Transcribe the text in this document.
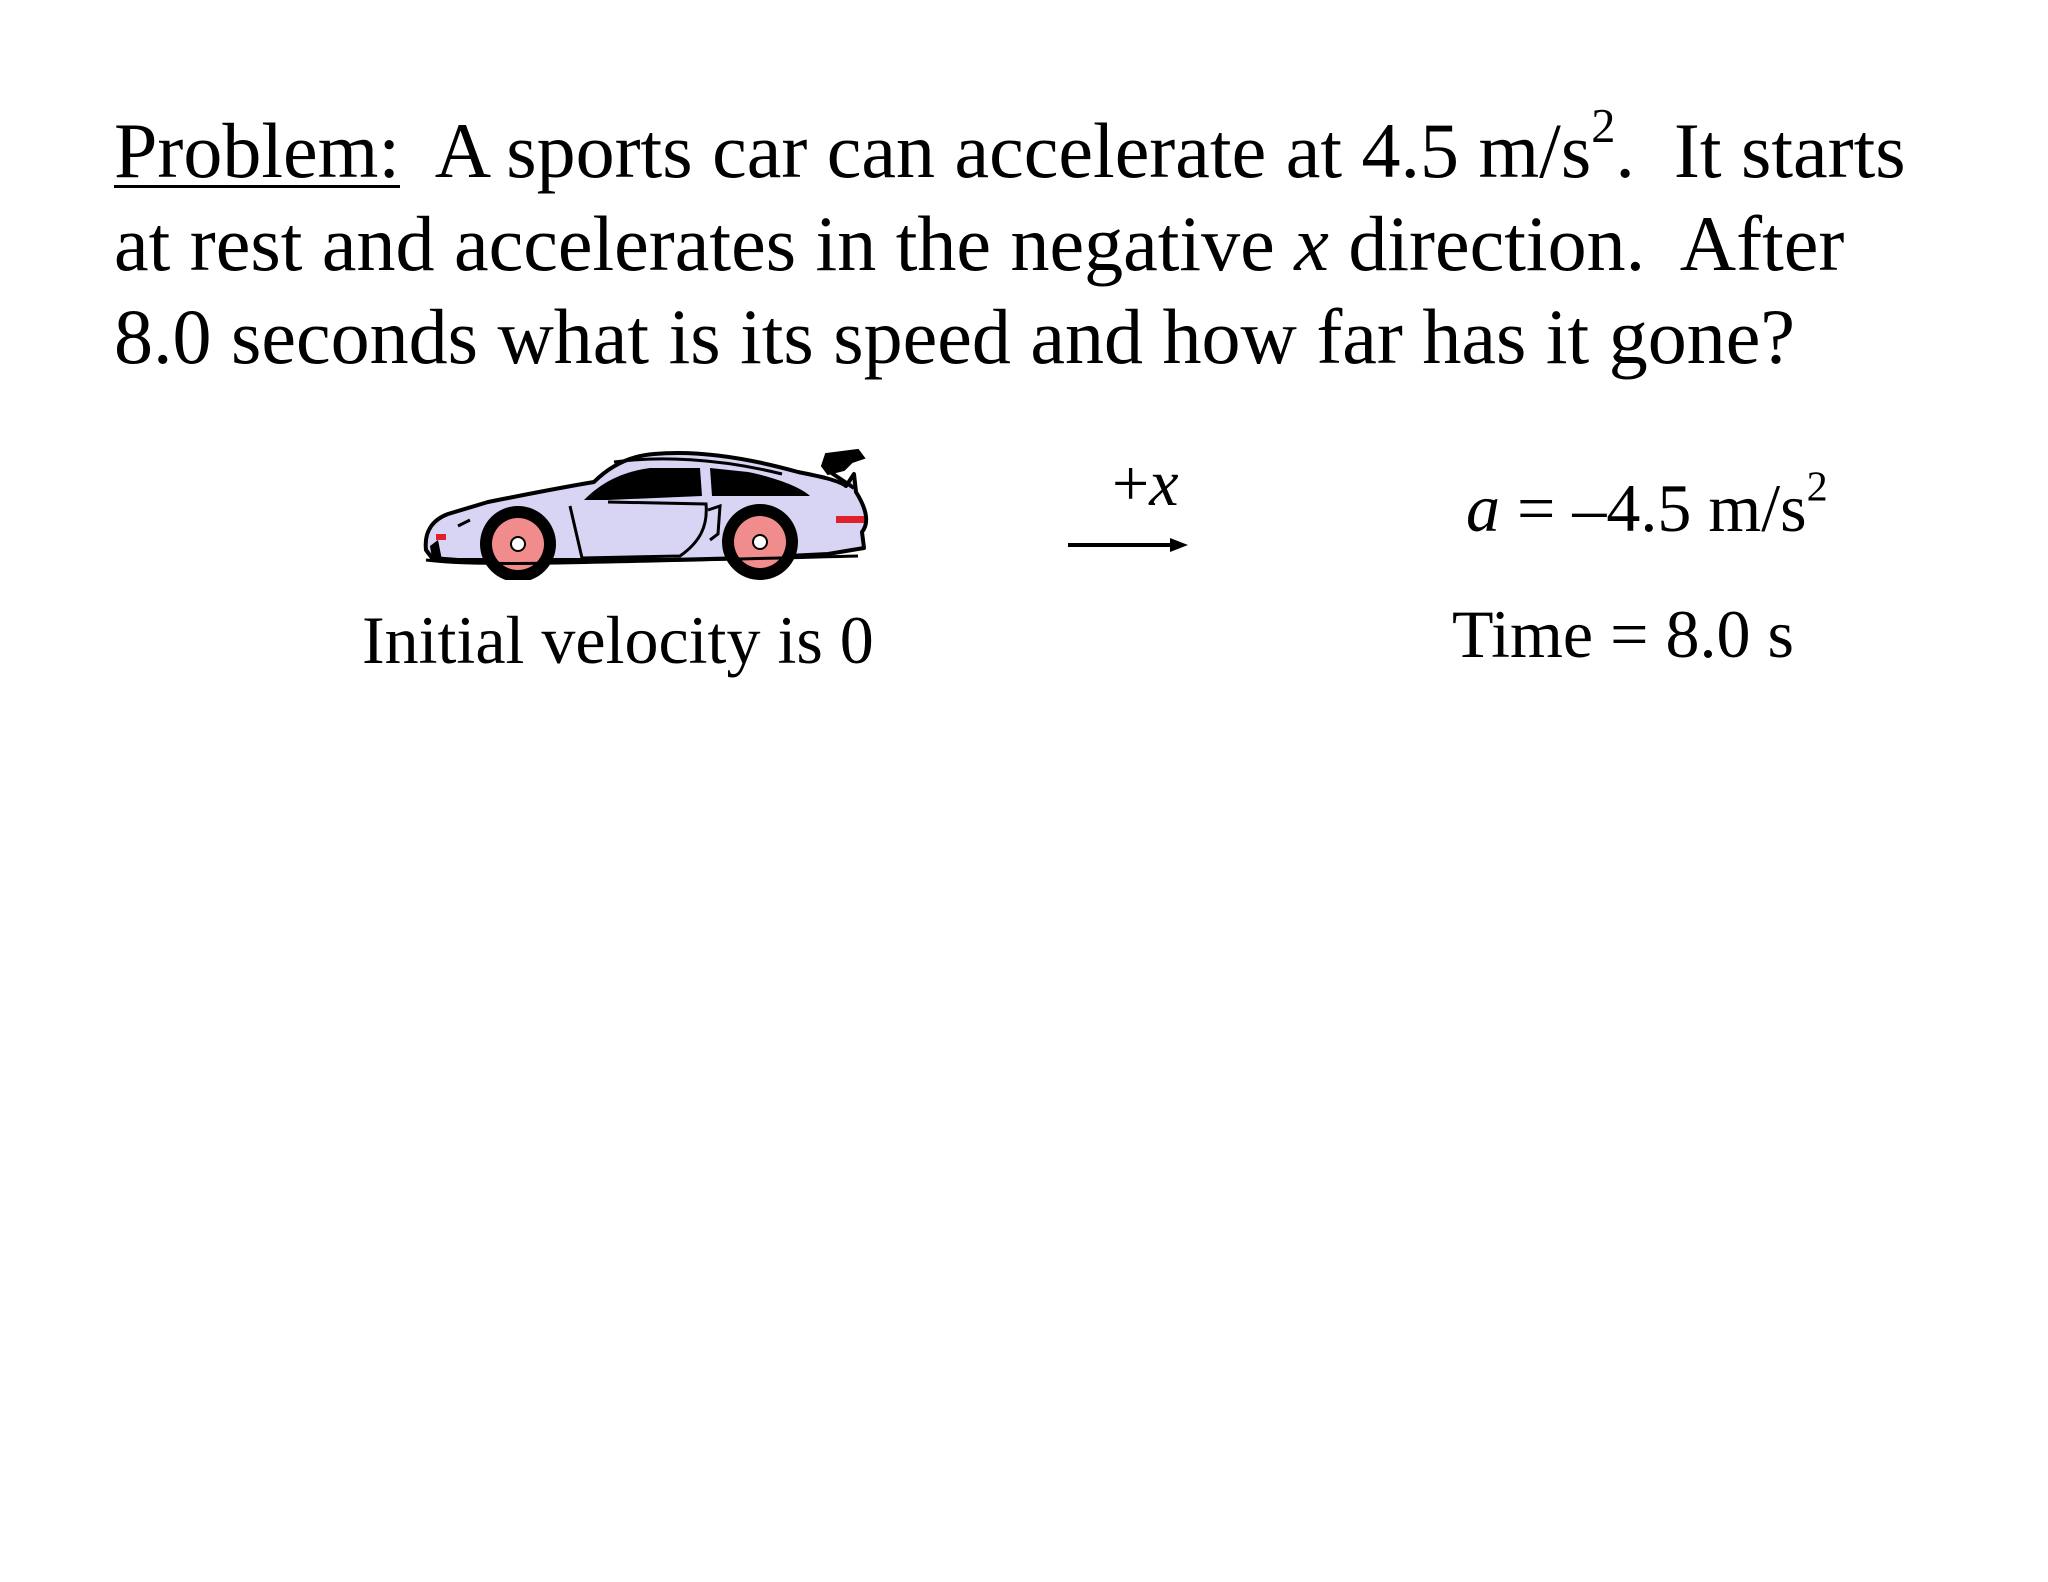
Problem: A sports car can accelerate at 4.5 $m/s^2$.  It starts
at rest and accelerates in the negative x direction.  After
8.0 seconds what is its speed and how far has it gone?
Initial velocity is 0
+x	a = –4.5 $m/s^2$
Time = 8.0 s
